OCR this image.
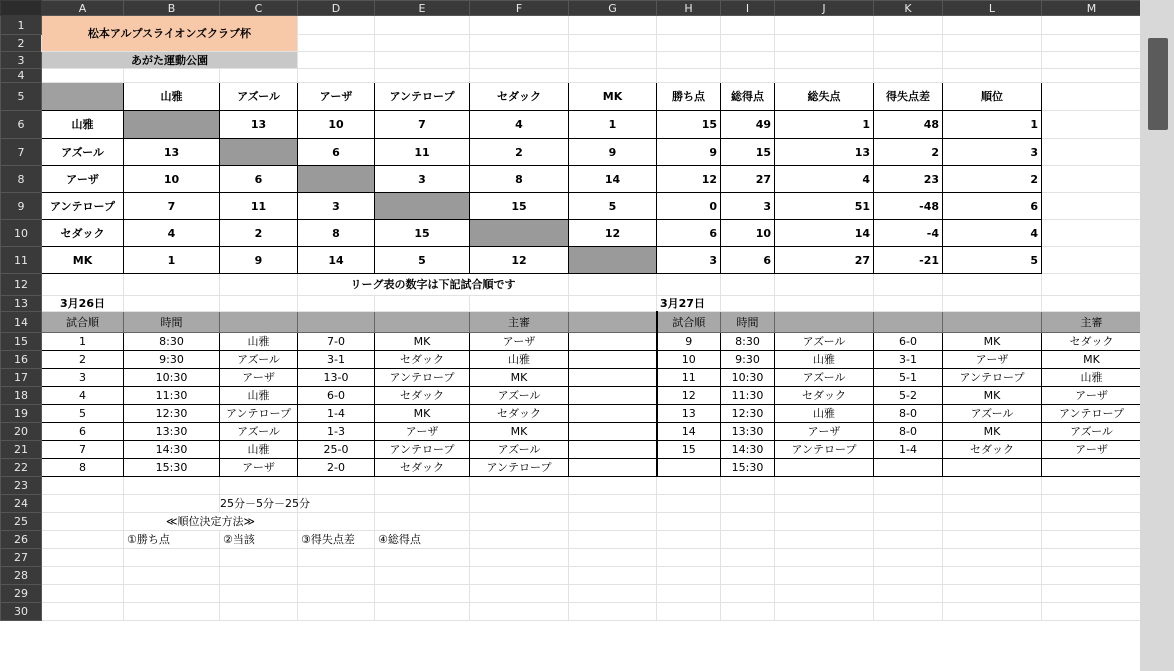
	A	B	C	D	E	F	G	H	I	J	K	L	M
1	松本アルプスライオンズクラブ杯												
2													
3	あがた運動公園												
4													
5		山雅	アズール	アーザ	アンテロープ	セダック	MK	勝ち点	総得点	総失点	得失点差	順位	
6	山雅		13	10	7	4	1	15	49	1	48	1	
7	アズール	13		6	11	2	9	9	15	13	2	3	
8	アーザ	10	6		3	8	14	12	27	4	23	2	
9	アンテロープ	7	11	3		15	5	0	3	51	-48	6	
10	セダック	4	2	8	15		12	6	10	14	-4	4	
11	MK	1	9	14	5	12		3	6	27	-21	5	
12				リーグ表の数字は下記試合順です									
13	3月26日							3月27日					
14	試合順	時間				主審		試合順	時間				主審
15	1	8:30	山雅	7-0	MK	アーザ		9	8:30	アズール	6-0	MK	セダック
16	2	9:30	アズール	3-1	セダック	山雅		10	9:30	山雅	3-1	アーザ	MK
17	3	10:30	アーザ	13-0	アンテロープ	MK		11	10:30	アズール	5-1	アンテロープ	山雅
18	4	11:30	山雅	6-0	セダック	アズール		12	11:30	セダック	5-2	MK	アーザ
19	5	12:30	アンテロープ	1-4	MK	セダック		13	12:30	山雅	8-0	アズール	アンテロープ
20	6	13:30	アズール	1-3	アーザ	MK		14	13:30	アーザ	8-0	MK	アズール
21	7	14:30	山雅	25-0	アンテロープ	アズール		15	14:30	アンテロープ	1-4	セダック	アーザ
22	8	15:30	アーザ	2-0	セダック	アンテロープ			15:30				
23													
24			25分－5分－25分										
25		≪順位決定方法≫											
26		①勝ち点	②当該	③得失点差	④総得点								
27													
28													
29													
30													
